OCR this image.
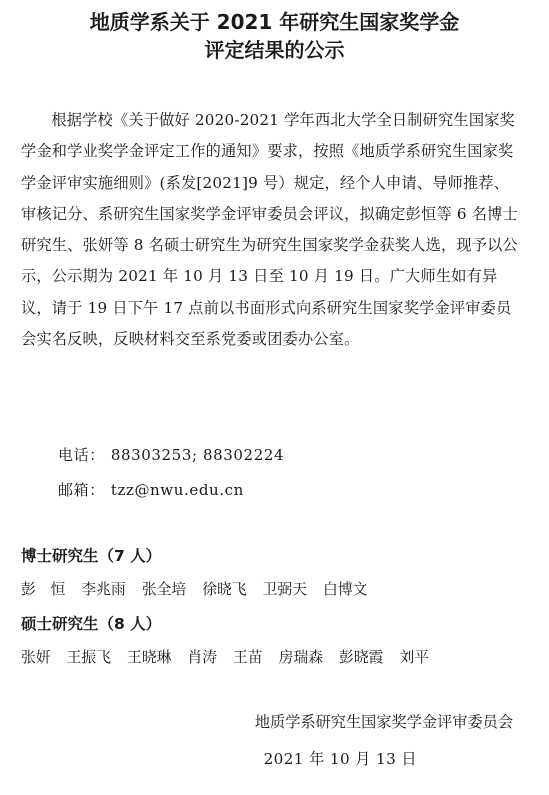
地质学系关于 2021 年研究生国家奖学金
评定结果的公示

根据学校《关于做好 2020-2021 学年西北大学全日制研究生国家奖学金和学业奖学金评定工作的通知》要求，按照《地质学系研究生国家奖学金评审实施细则》(系发[2021]9 号）规定，经个人申请、导师推荐、审核记分、系研究生国家奖学金评审委员会评议，拟确定彭恒等 6 名博士研究生、张妍等 8 名硕士研究生为研究生国家奖学金获奖人选，现予以公示，公示期为 2021 年 10 月 13 日至 10 月 19 日。广大师生如有异议，请于 19 日下午 17 点前以书面形式向系研究生国家奖学金评审委员会实名反映，反映材料交至系党委或团委办公室。

电话： 88303253; 88302224
邮箱： tzz@nwu.edu.cn
博士研究生（7 人）
彭　恒 李兆雨 张全培 徐晓飞 卫弼天 白博文
硕士研究生（8 人）
张妍 王振飞 王晓琳 肖涛 王苗 房瑞森 彭晓霞 刘平
地质学系研究生国家奖学金评审委员会
2021 年 10 月 13 日
